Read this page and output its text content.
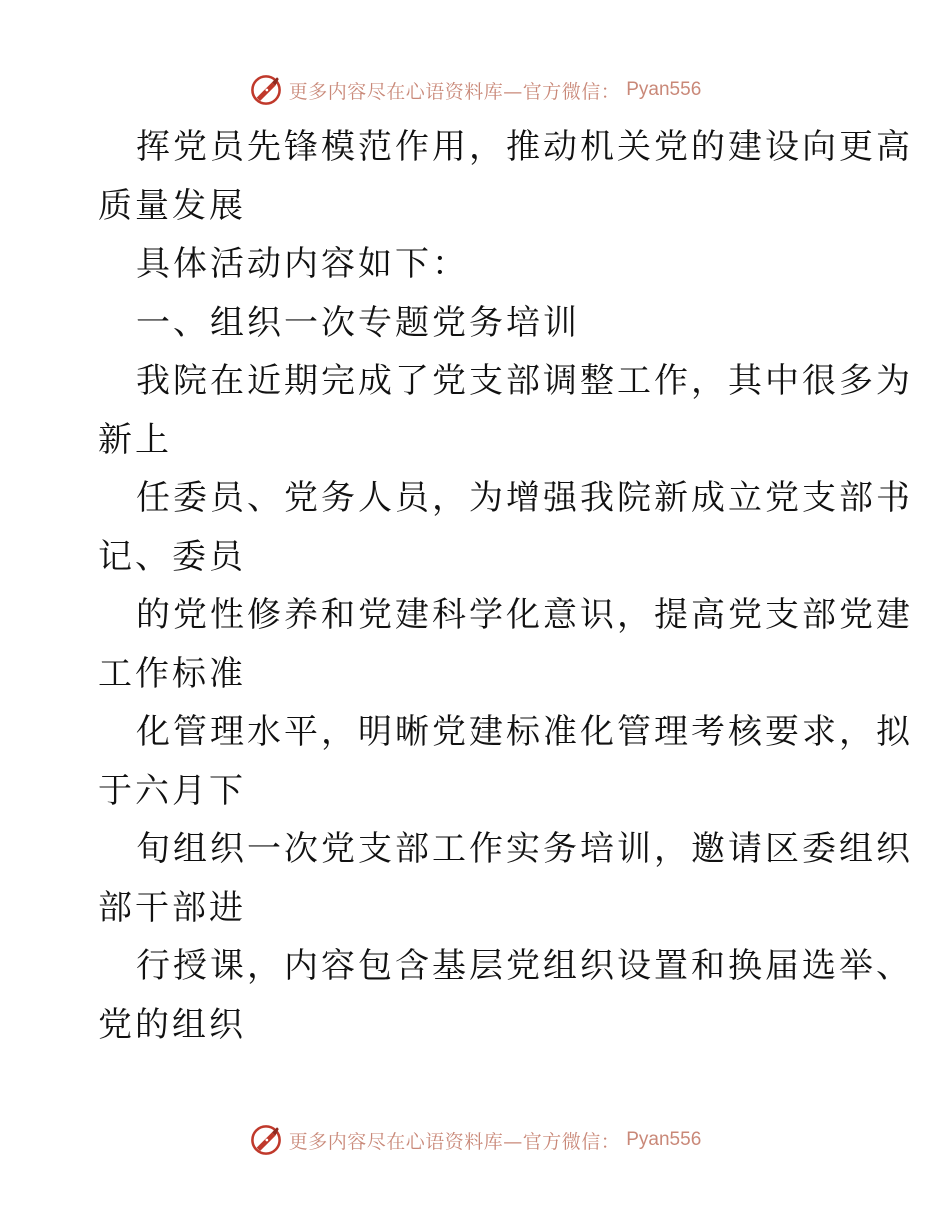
更多内容尽在心语资料库—官方微信： Pyan556
挥党员先锋模范作用，推动机关党的建设向更高
质量发展
具体活动内容如下：
一、组织一次专题党务培训
我院在近期完成了党支部调整工作，其中很多为
新上
任委员、党务人员，为增强我院新成立党支部书
记、委员
的党性修养和党建科学化意识，提高党支部党建
工作标准
化管理水平，明晰党建标准化管理考核要求，拟
于六月下
旬组织一次党支部工作实务培训，邀请区委组织
部干部进
行授课，内容包含基层党组织设置和换届选举、
党的组织
更多内容尽在心语资料库—官方微信： Pyan556
